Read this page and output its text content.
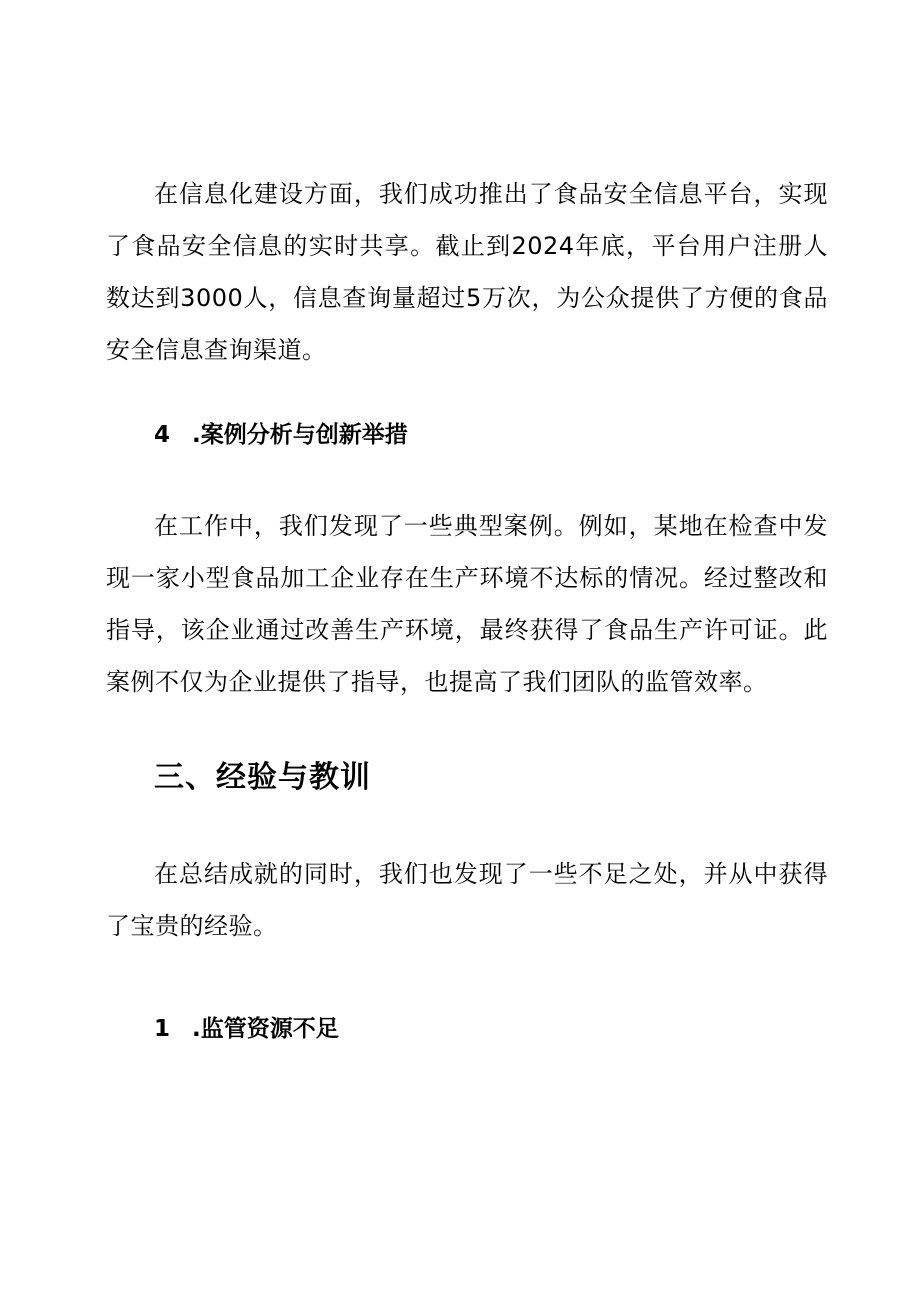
在信息化建设方面，我们成功推出了食品安全信息平台，实现了食品安全信息的实时共享。截止到2024年底，平台用户注册人数达到3000人，信息查询量超过5万次，为公众提供了方便的食品安全信息查询渠道。

4 .案例分析与创新举措

在工作中，我们发现了一些典型案例。例如，某地在检查中发现一家小型食品加工企业存在生产环境不达标的情况。经过整改和指导，该企业通过改善生产环境，最终获得了食品生产许可证。此案例不仅为企业提供了指导，也提高了我们团队的监管效率。

三、经验与教训

在总结成就的同时，我们也发现了一些不足之处，并从中获得了宝贵的经验。

1 .监管资源不足
